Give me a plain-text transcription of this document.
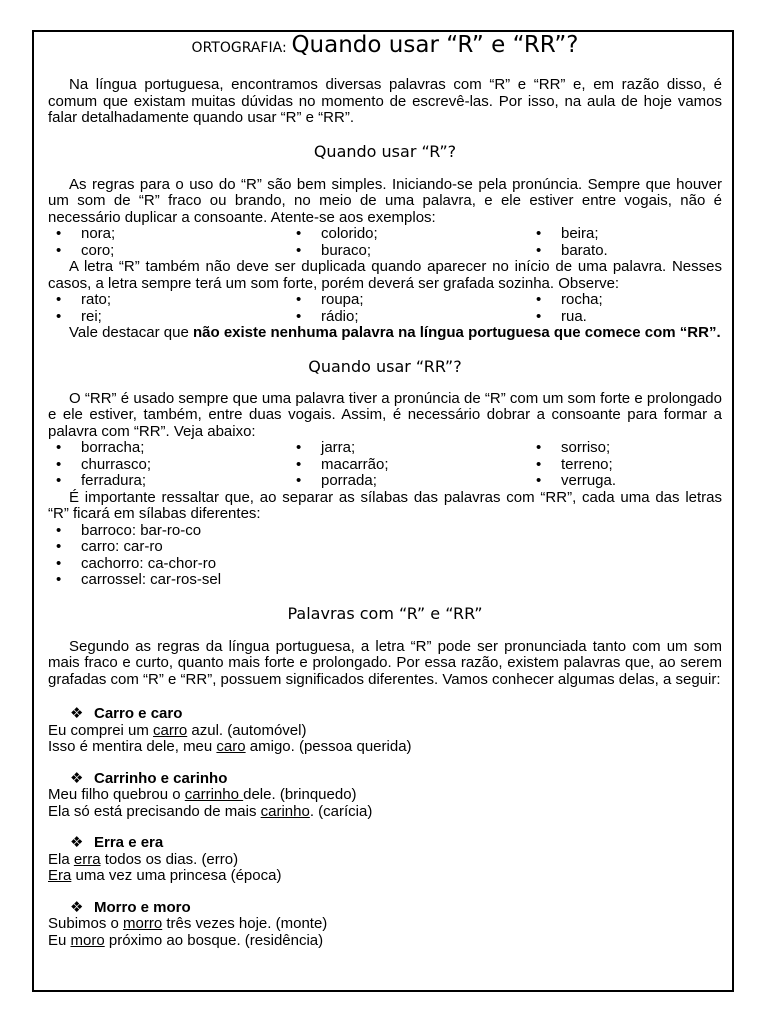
ORTOGRAFIA: Quando usar “R” e “RR”?

Na língua portuguesa, encontramos diversas palavras com “R” e “RR” e, em razão disso, é comum que existam muitas dúvidas no momento de escrevê-las. Por isso, na aula de hoje vamos falar detalhadamente quando usar “R” e “RR”.

Quando usar “R”?

As regras para o uso do “R” são bem simples. Iniciando-se pela pronúncia. Sempre que houver um som de “R” fraco ou brando, no meio de uma palavra, e ele estiver entre vogais, não é necessário duplicar a consoante. Atente-se aos exemplos:

• nora;	• colorido;	• beira;
• coro;	• buraco;	• barato.

A letra “R” também não deve ser duplicada quando aparecer no início de uma palavra. Nesses casos, a letra sempre terá um som forte, porém deverá ser grafada sozinha. Observe:

• rato;	• roupa;	• rocha;
• rei;	• rádio;	• rua.

Vale destacar que não existe nenhuma palavra na língua portuguesa que comece com “RR”.

Quando usar “RR”?

O “RR” é usado sempre que uma palavra tiver a pronúncia de “R” com um som forte e prolongado e ele estiver, também, entre duas vogais. Assim, é necessário dobrar a consoante para formar a palavra com “RR”. Veja abaixo:

• borracha;	• jarra;	• sorriso;
• churrasco;	• macarrão;	• terreno;
• ferradura;	• porrada;	• verruga.

É importante ressaltar que, ao separar as sílabas das palavras com “RR”, cada uma das letras “R” ficará em sílabas diferentes:

• barroco: bar-ro-co
• carro: car-ro
• cachorro: ca-chor-ro
• carrossel: car-ros-sel
Palavras com “R” e “RR”

Segundo as regras da língua portuguesa, a letra “R” pode ser pronunciada tanto com um som mais fraco e curto, quanto mais forte e prolongado. Por essa razão, existem palavras que, ao serem grafadas com “R” e “RR”, possuem significados diferentes. Vamos conhecer algumas delas, a seguir:

❖ Carro e caro
Eu comprei um carro azul. (automóvel)
Isso é mentira dele, meu caro amigo. (pessoa querida)
❖ Carrinho e carinho
Meu filho quebrou o carrinho dele. (brinquedo)
Ela só está precisando de mais carinho. (carícia)
❖ Erra e era
Ela erra todos os dias. (erro)
Era uma vez uma princesa (época)
❖ Morro e moro
Subimos o morro três vezes hoje. (monte)
Eu moro próximo ao bosque. (residência)
